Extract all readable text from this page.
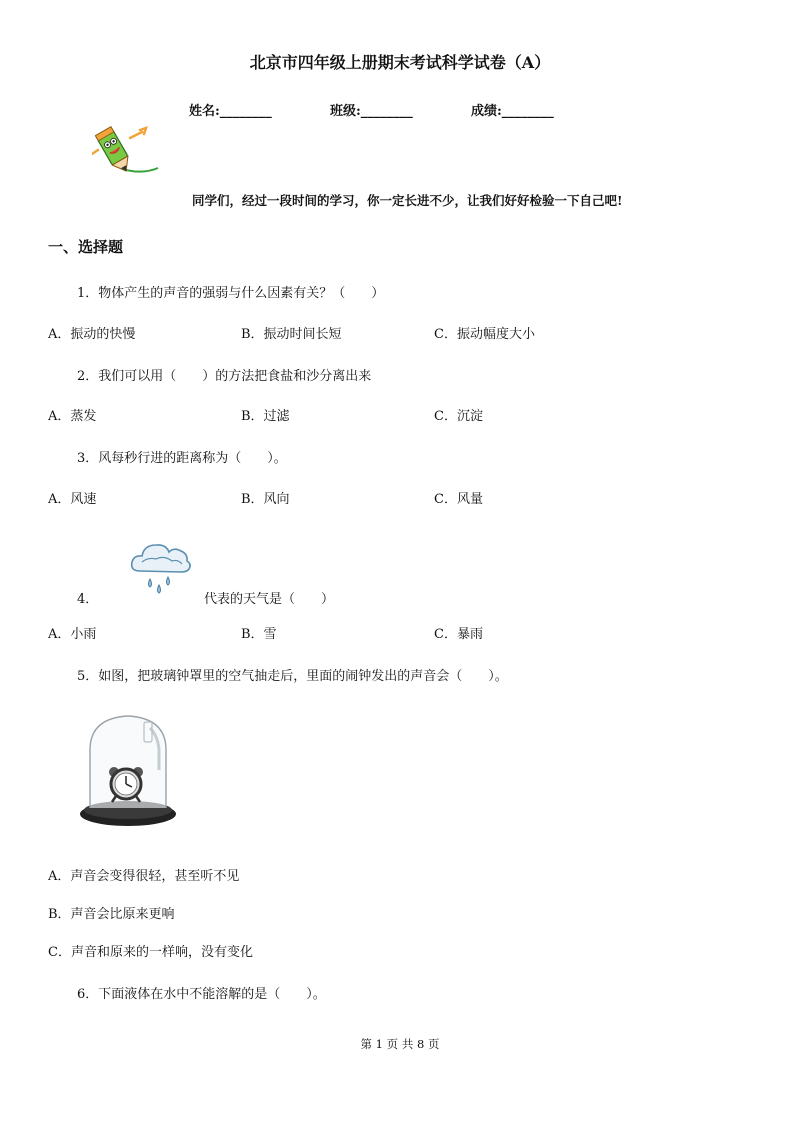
北京市四年级上册期末考试科学试卷（A）
姓名:________	班级:________	成绩:________
同学们，经过一段时间的学习，你一定长进不少，让我们好好检验一下自己吧!
一、选择题
1．物体产生的声音的强弱与什么因素有关？（　　）
A．振动的快慢	B．振动时间长短	C．振动幅度大小
2．我们可以用（　　）的方法把食盐和沙分离出来
A．蒸发	B．过滤	C．沉淀
3．风每秒行进的距离称为（　　）。
A．风速	B．风向	C．风量
4．	代表的天气是（　　）
A．小雨	B．雪	C．暴雨
5．如图，把玻璃钟罩里的空气抽走后，里面的闹钟发出的声音会（　　）。
A．声音会变得很轻，甚至听不见
B．声音会比原来更响
C．声音和原来的一样响，没有变化
6．下面液体在水中不能溶解的是（　　）。
第 1 页 共 8 页
